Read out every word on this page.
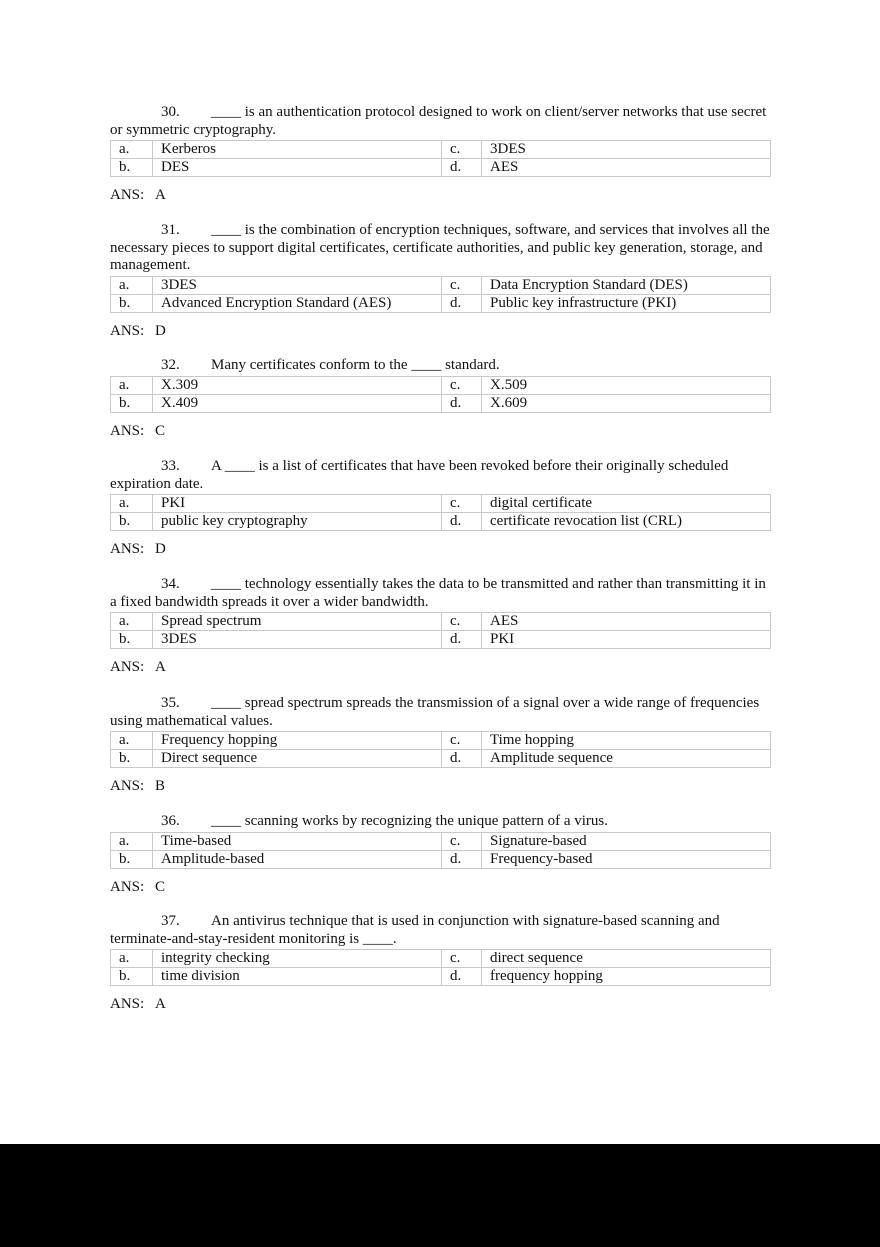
30. ____ is an authentication protocol designed to work on client/server networks that use secret or symmetric cryptography.

a.	Kerberos	c.	3DES
b.	DES	d.	AES
ANS: A

31. ____ is the combination of encryption techniques, software, and services that involves all the necessary pieces to support digital certificates, certificate authorities, and public key generation, storage, and management.

a.	3DES	c.	Data Encryption Standard (DES)
b.	Advanced Encryption Standard (AES)	d.	Public key infrastructure (PKI)
ANS: D

32. Many certificates conform to the ____ standard.

a.	X.309	c.	X.509
b.	X.409	d.	X.609
ANS: C

33. A ____ is a list of certificates that have been revoked before their originally scheduled expiration date.

a.	PKI	c.	digital certificate
b.	public key cryptography	d.	certificate revocation list (CRL)
ANS: D

34. ____ technology essentially takes the data to be transmitted and rather than transmitting it in a fixed bandwidth spreads it over a wider bandwidth.

a.	Spread spectrum	c.	AES
b.	3DES	d.	PKI
ANS: A

35. ____ spread spectrum spreads the transmission of a signal over a wide range of frequencies using mathematical values.

a.	Frequency hopping	c.	Time hopping
b.	Direct sequence	d.	Amplitude sequence
ANS: B

36. ____ scanning works by recognizing the unique pattern of a virus.

a.	Time-based	c.	Signature-based
b.	Amplitude-based	d.	Frequency-based
ANS: C

37. An antivirus technique that is used in conjunction with signature-based scanning and terminate-and-stay-resident monitoring is ____.

a.	integrity checking	c.	direct sequence
b.	time division	d.	frequency hopping
ANS: A
